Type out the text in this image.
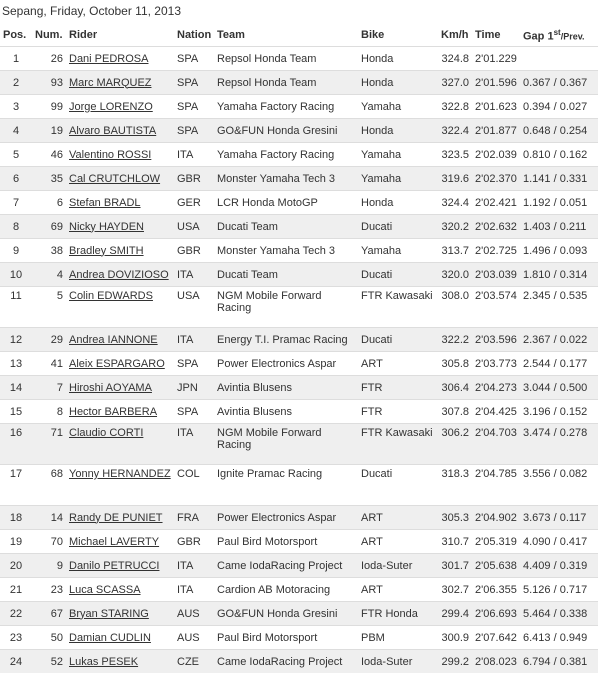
Sepang, Friday, October 11, 2013
Pos.	Num.	Rider	Nation	Team	Bike	Km/h	Time	Gap 1st/Prev.
1	26	Dani PEDROSA	SPA	Repsol Honda Team	Honda	324.8	2'01.229	
2	93	Marc MARQUEZ	SPA	Repsol Honda Team	Honda	327.0	2'01.596	0.367 / 0.367
3	99	Jorge LORENZO	SPA	Yamaha Factory Racing	Yamaha	322.8	2'01.623	0.394 / 0.027
4	19	Alvaro BAUTISTA	SPA	GO&FUN Honda Gresini	Honda	322.4	2'01.877	0.648 / 0.254
5	46	Valentino ROSSI	ITA	Yamaha Factory Racing	Yamaha	323.5	2'02.039	0.810 / 0.162
6	35	Cal CRUTCHLOW	GBR	Monster Yamaha Tech 3	Yamaha	319.6	2'02.370	1.141 / 0.331
7	6	Stefan BRADL	GER	LCR Honda MotoGP	Honda	324.4	2'02.421	1.192 / 0.051
8	69	Nicky HAYDEN	USA	Ducati Team	Ducati	320.2	2'02.632	1.403 / 0.211
9	38	Bradley SMITH	GBR	Monster Yamaha Tech 3	Yamaha	313.7	2'02.725	1.496 / 0.093
10	4	Andrea DOVIZIOSO	ITA	Ducati Team	Ducati	320.0	2'03.039	1.810 / 0.314
11	5	Colin EDWARDS	USA	NGM Mobile Forward Racing	FTR Kawasaki	308.0	2'03.574	2.345 / 0.535
12	29	Andrea IANNONE	ITA	Energy T.I. Pramac Racing	Ducati	322.2	2'03.596	2.367 / 0.022
13	41	Aleix ESPARGARO	SPA	Power Electronics Aspar	ART	305.8	2'03.773	2.544 / 0.177
14	7	Hiroshi AOYAMA	JPN	Avintia Blusens	FTR	306.4	2'04.273	3.044 / 0.500
15	8	Hector BARBERA	SPA	Avintia Blusens	FTR	307.8	2'04.425	3.196 / 0.152
16	71	Claudio CORTI	ITA	NGM Mobile Forward Racing	FTR Kawasaki	306.2	2'04.703	3.474 / 0.278
17	68	Yonny HERNANDEZ	COL	Ignite Pramac Racing	Ducati	318.3	2'04.785	3.556 / 0.082
18	14	Randy DE PUNIET	FRA	Power Electronics Aspar	ART	305.3	2'04.902	3.673 / 0.117
19	70	Michael LAVERTY	GBR	Paul Bird Motorsport	ART	310.7	2'05.319	4.090 / 0.417
20	9	Danilo PETRUCCI	ITA	Came IodaRacing Project	Ioda-Suter	301.7	2'05.638	4.409 / 0.319
21	23	Luca SCASSA	ITA	Cardion AB Motoracing	ART	302.7	2'06.355	5.126 / 0.717
22	67	Bryan STARING	AUS	GO&FUN Honda Gresini	FTR Honda	299.4	2'06.693	5.464 / 0.338
23	50	Damian CUDLIN	AUS	Paul Bird Motorsport	PBM	300.9	2'07.642	6.413 / 0.949
24	52	Lukas PESEK	CZE	Came IodaRacing Project	Ioda-Suter	299.2	2'08.023	6.794 / 0.381
